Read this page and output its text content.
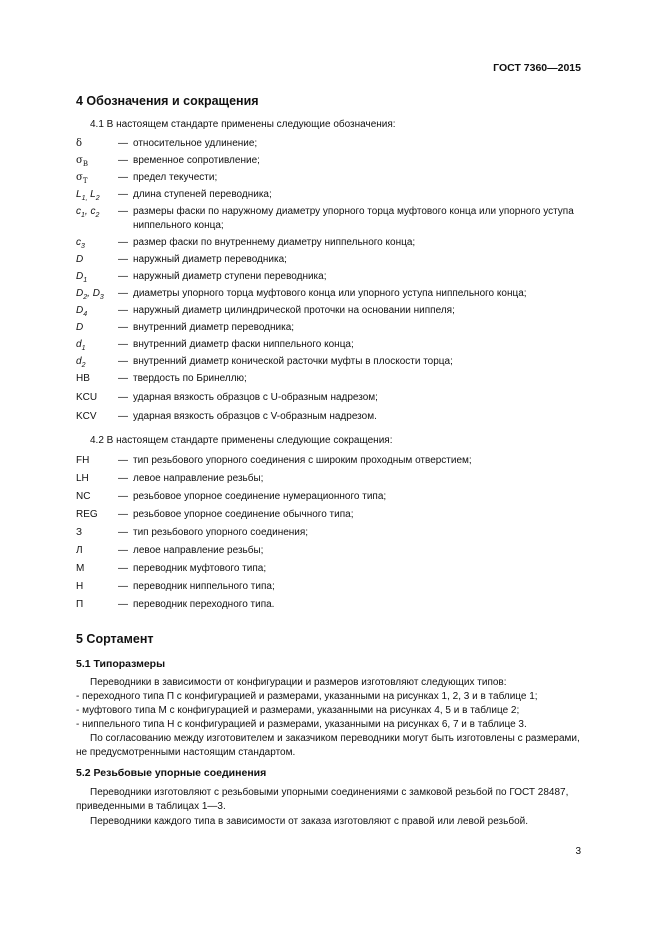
ГОСТ 7360—2015
4 Обозначения и сокращения
4.1 В настоящем стандарте применены следующие обозначения:
δ	— относительное удлинение;
$\sigma_B$	— временное сопротивление;
$\sigma_T$	— предел текучести;
$L_{1,}$ $L_2$	— длина ступеней переводника;
$c_1$, $c_2$	— размеры фаски по наружному диаметру упорного торца муфтового конца или упорного уступа ниппельного конца;
$c_3$	— размер фаски по внутреннему диаметру ниппельного конца;
D	— наружный диаметр переводника;
$D_1$	— наружный диаметр ступени переводника;
$D_2$, $D_3$	— диаметры упорного торца муфтового конца или упорного уступа ниппельного конца;
$D_4$	— наружный диаметр цилиндрической проточки на основании ниппеля;
D	— внутренний диаметр переводника;
$d_1$	— внутренний диаметр фаски ниппельного конца;
$d_2$	— внутренний диаметр конической расточки муфты в плоскости торца;
HB	— твердость по Бринеллю;
KCU	— ударная вязкость образцов с U-образным надрезом;
KCV	— ударная вязкость образцов с V-образным надрезом.
4.2 В настоящем стандарте применены следующие сокращения:
FH	— тип резьбового упорного соединения с широким проходным отверстием;
LH	— левое направление резьбы;
NC	— резьбовое упорное соединение нумерационного типа;
REG	— резьбовое упорное соединение обычного типа;
З	— тип резьбового упорного соединения;
Л	— левое направление резьбы;
М	— переводник муфтового типа;
Н	— переводник ниппельного типа;
П	— переводник переходного типа.
5 Сортамент
5.1 Типоразмеры
Переводники в зависимости от конфигурации и размеров изготовляют следующих типов:
- переходного типа П с конфигурацией и размерами, указанными на рисунках 1, 2, 3 и в таблице 1;
- муфтового типа М с конфигурацией и размерами, указанными на рисунках 4, 5 и в таблице 2;
- ниппельного типа Н с конфигурацией и размерами, указанными на рисунках 6, 7 и в таблице 3.
По согласованию между изготовителем и заказчиком переводники могут быть изготовлены с размерами, не предусмотренными настоящим стандартом.
5.2 Резьбовые упорные соединения
Переводники изготовляют с резьбовыми упорными соединениями с замковой резьбой по ГОСТ 28487, приведенными в таблицах 1—3.
Переводники каждого типа в зависимости от заказа изготовляют с правой или левой резьбой.
3
